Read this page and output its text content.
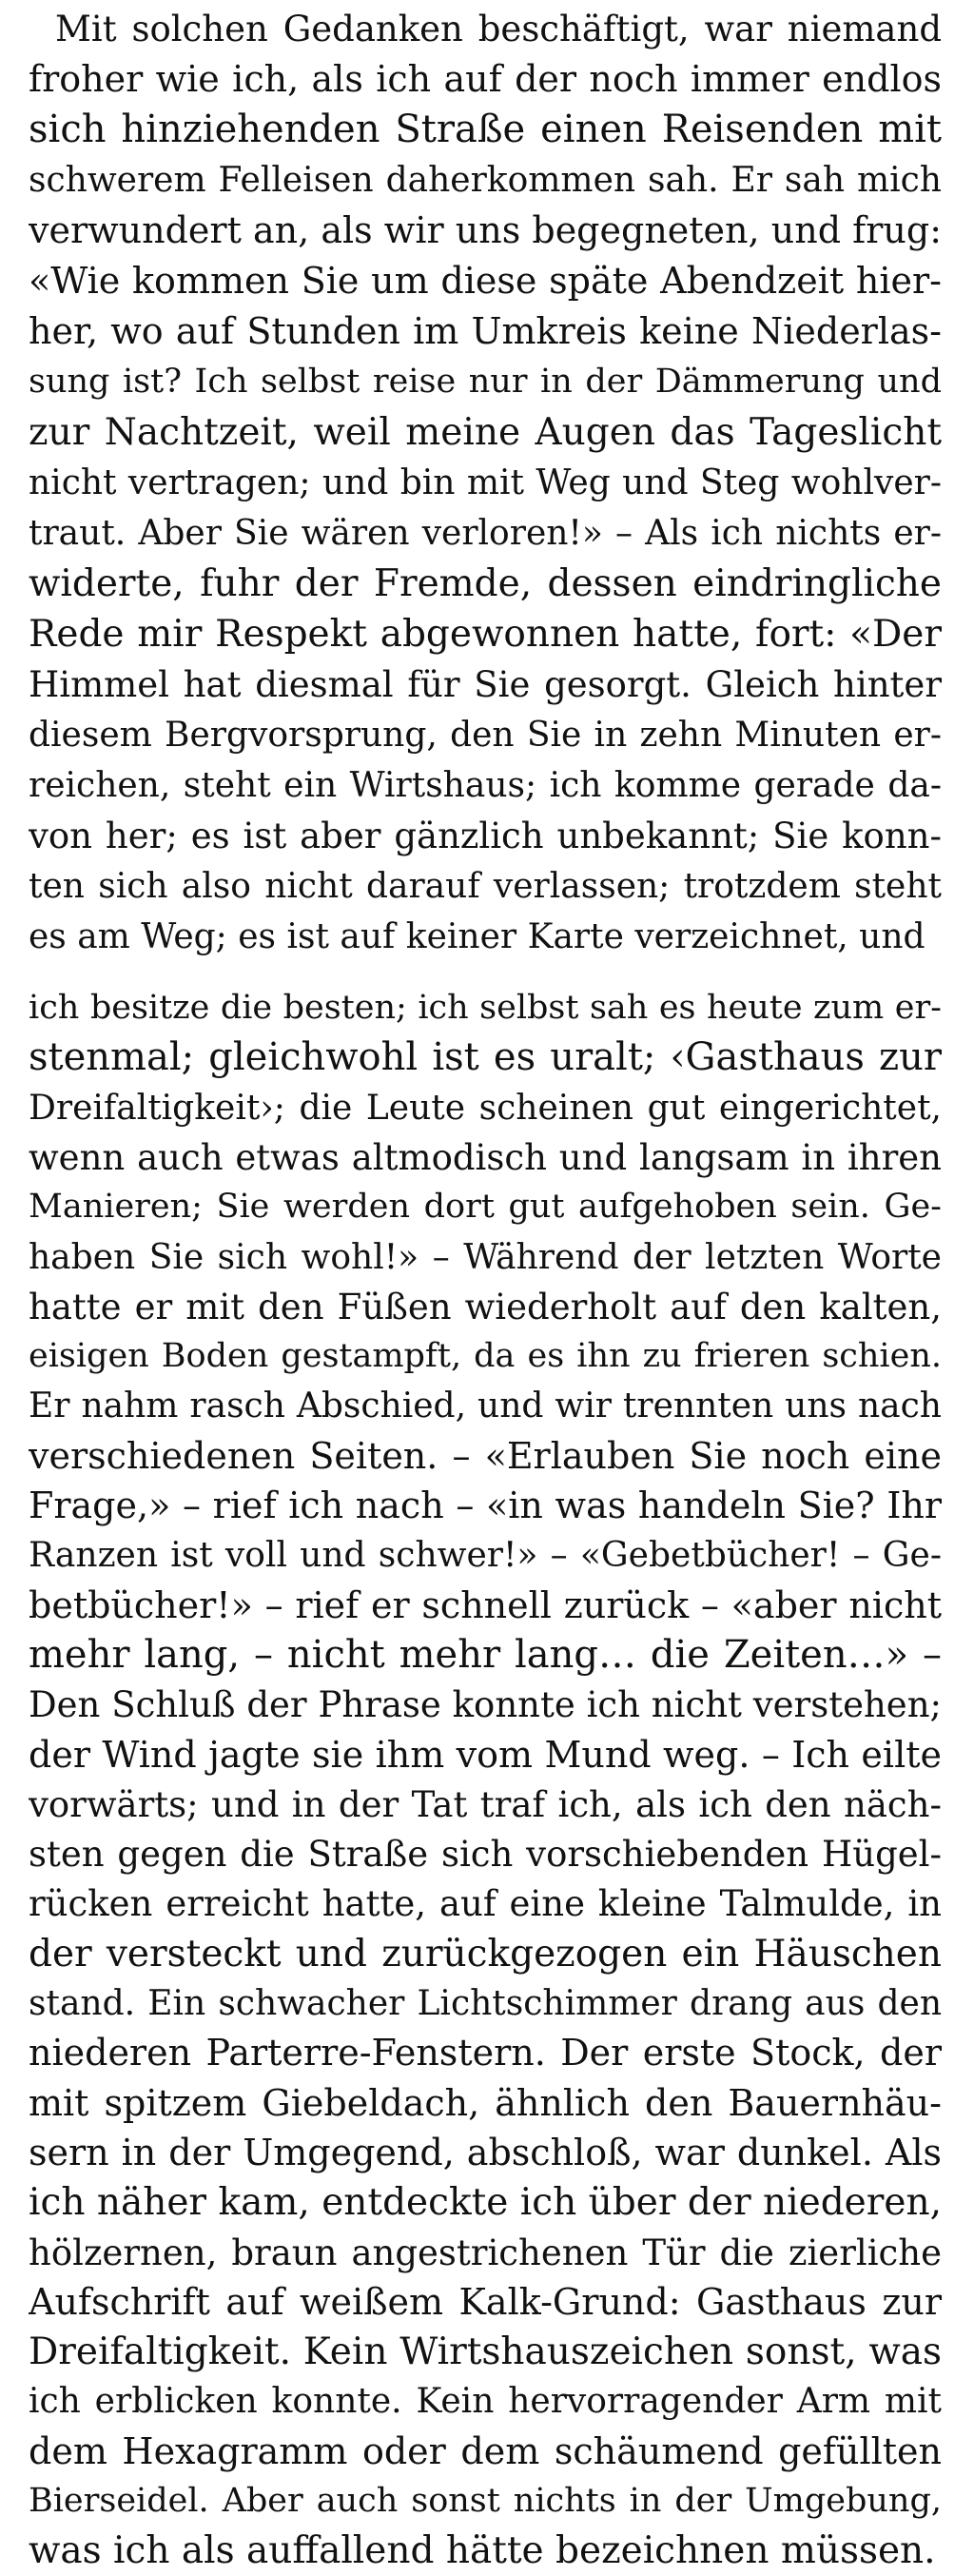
Mit solchen Gedanken beschäftigt, war niemand
froher wie ich, als ich auf der noch immer endlos
sich hinziehenden Straße einen Reisenden mit
schwerem Felleisen daherkommen sah. Er sah mich
verwundert an, als wir uns begegneten, und frug:
«Wie kommen Sie um diese späte Abendzeit hier-
her, wo auf Stunden im Umkreis keine Niederlas-
sung ist? Ich selbst reise nur in der Dämmerung und
zur Nachtzeit, weil meine Augen das Tageslicht
nicht vertragen; und bin mit Weg und Steg wohlver-
traut. Aber Sie wären verloren!» – Als ich nichts er-
widerte, fuhr der Fremde, dessen eindringliche
Rede mir Respekt abgewonnen hatte, fort: «Der
Himmel hat diesmal für Sie gesorgt. Gleich hinter
diesem Bergvorsprung, den Sie in zehn Minuten er-
reichen, steht ein Wirtshaus; ich komme gerade da-
von her; es ist aber gänzlich unbekannt; Sie konn-
ten sich also nicht darauf verlassen; trotzdem steht
es am Weg; es ist auf keiner Karte verzeichnet, und
ich besitze die besten; ich selbst sah es heute zum er-
stenmal; gleichwohl ist es uralt; ‹Gasthaus zur
Dreifaltigkeit›; die Leute scheinen gut eingerichtet,
wenn auch etwas altmodisch und langsam in ihren
Manieren; Sie werden dort gut aufgehoben sein. Ge-
haben Sie sich wohl!» – Während der letzten Worte
hatte er mit den Füßen wiederholt auf den kalten,
eisigen Boden gestampft, da es ihn zu frieren schien.
Er nahm rasch Abschied, und wir trennten uns nach
verschiedenen Seiten. – «Erlauben Sie noch eine
Frage,» – rief ich nach – «in was handeln Sie? Ihr
Ranzen ist voll und schwer!» – «Gebetbücher! – Ge-
betbücher!» – rief er schnell zurück – «aber nicht
mehr lang, – nicht mehr lang… die Zeiten…» –
Den Schluß der Phrase konnte ich nicht verstehen;
der Wind jagte sie ihm vom Mund weg. – Ich eilte
vorwärts; und in der Tat traf ich, als ich den näch-
sten gegen die Straße sich vorschiebenden Hügel-
rücken erreicht hatte, auf eine kleine Talmulde, in
der versteckt und zurückgezogen ein Häuschen
stand. Ein schwacher Lichtschimmer drang aus den
niederen Parterre-Fenstern. Der erste Stock, der
mit spitzem Giebeldach, ähnlich den Bauernhäu-
sern in der Umgegend, abschloß, war dunkel. Als
ich näher kam, entdeckte ich über der niederen,
hölzernen, braun angestrichenen Tür die zierliche
Aufschrift auf weißem Kalk-Grund: Gasthaus zur
Dreifaltigkeit. Kein Wirtshauszeichen sonst, was
ich erblicken konnte. Kein hervorragender Arm mit
dem Hexagramm oder dem schäumend gefüllten
Bierseidel. Aber auch sonst nichts in der Umgebung,
was ich als auffallend hätte bezeichnen müssen.
